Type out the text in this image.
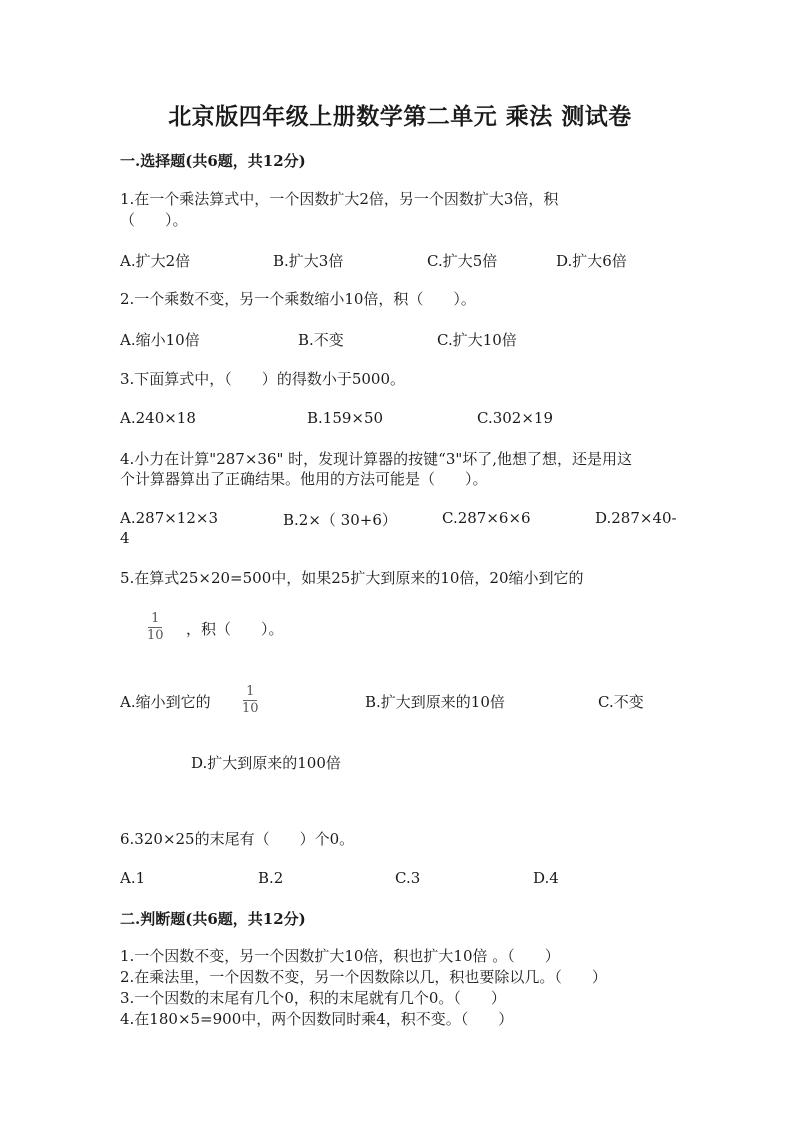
北京版四年级上册数学第二单元 乘法 测试卷
一.选择题(共6题，共12分)
1.在一个乘法算式中，一个因数扩大2倍，另一个因数扩大3倍，积
（　　）。
A.扩大2倍	B.扩大3倍	C.扩大5倍	D.扩大6倍
2.一个乘数不变，另一个乘数缩小10倍，积（　　）。
A.缩小10倍	B.不变	C.扩大10倍
3.下面算式中，（　　）的得数小于5000。
A.240×18	B.159×50	C.302×19
4.小力在计算"287×36" 时，发现计算器的按键“3"坏了,他想了想，还是用这
个计算器算出了正确结果。他用的方法可能是（　　）。
A.287×12×3	B.2×（ 30+6）	C.287×6×6	D.287×40-
4
5.在算式25×20=500中，如果25扩大到原来的10倍，20缩小到它的
1
10 ，积（　　）。
A.缩小到它的
1
10	B.扩大到原来的10倍	C.不变
D.扩大到原来的100倍
6.320×25的末尾有（　　）个0。
A.1	B.2	C.3	D.4
二.判断题(共6题，共12分)
1.一个因数不变，另一个因数扩大10倍，积也扩大10倍 。（　　）
2.在乘法里，一个因数不变，另一个因数除以几，积也要除以几。（　　）
3.一个因数的末尾有几个0，积的末尾就有几个0。（　　）
4.在180×5=900中，两个因数同时乘4，积不变。（　　）
